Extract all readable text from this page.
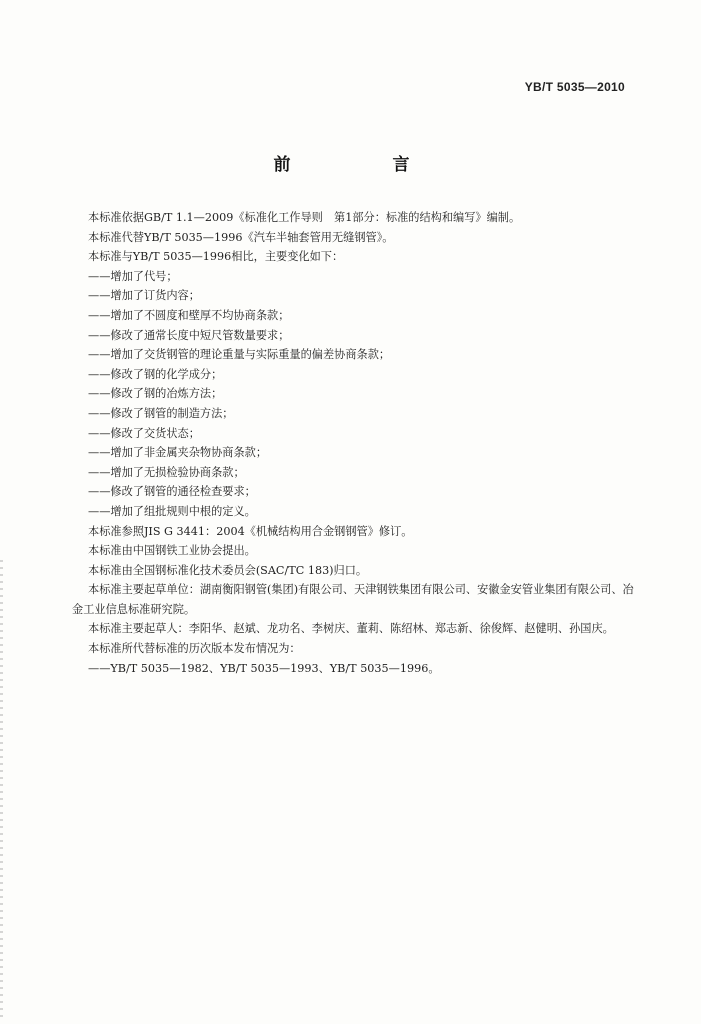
YB/T 5035—2010
前 言

本标准依据GB/T 1.1—2009《标准化工作导则　第1部分：标准的结构和编写》编制。

本标准代替YB/T 5035—1996《汽车半轴套管用无缝钢管》。

本标准与YB/T 5035—1996相比，主要变化如下：

——增加了代号；

——增加了订货内容；

——增加了不圆度和壁厚不均协商条款；

——修改了通常长度中短尺管数量要求；

——增加了交货钢管的理论重量与实际重量的偏差协商条款；

——修改了钢的化学成分；

——修改了钢的冶炼方法；

——修改了钢管的制造方法；

——修改了交货状态；

——增加了非金属夹杂物协商条款；

——增加了无损检验协商条款；

——修改了钢管的通径检查要求；

——增加了组批规则中根的定义。

本标准参照JIS G 3441：2004《机械结构用合金钢钢管》修订。

本标准由中国钢铁工业协会提出。

本标准由全国钢标准化技术委员会(SAC/TC 183)归口。

本标准主要起草单位：湖南衡阳钢管(集团)有限公司、天津钢铁集团有限公司、安徽金安管业集团有限公司、冶金工业信息标准研究院。

本标准主要起草人：李阳华、赵斌、龙功名、李树庆、董莉、陈绍林、郑志新、徐俊辉、赵健明、孙国庆。

本标准所代替标准的历次版本发布情况为：

——YB/T 5035—1982、YB/T 5035—1993、YB/T 5035—1996。
